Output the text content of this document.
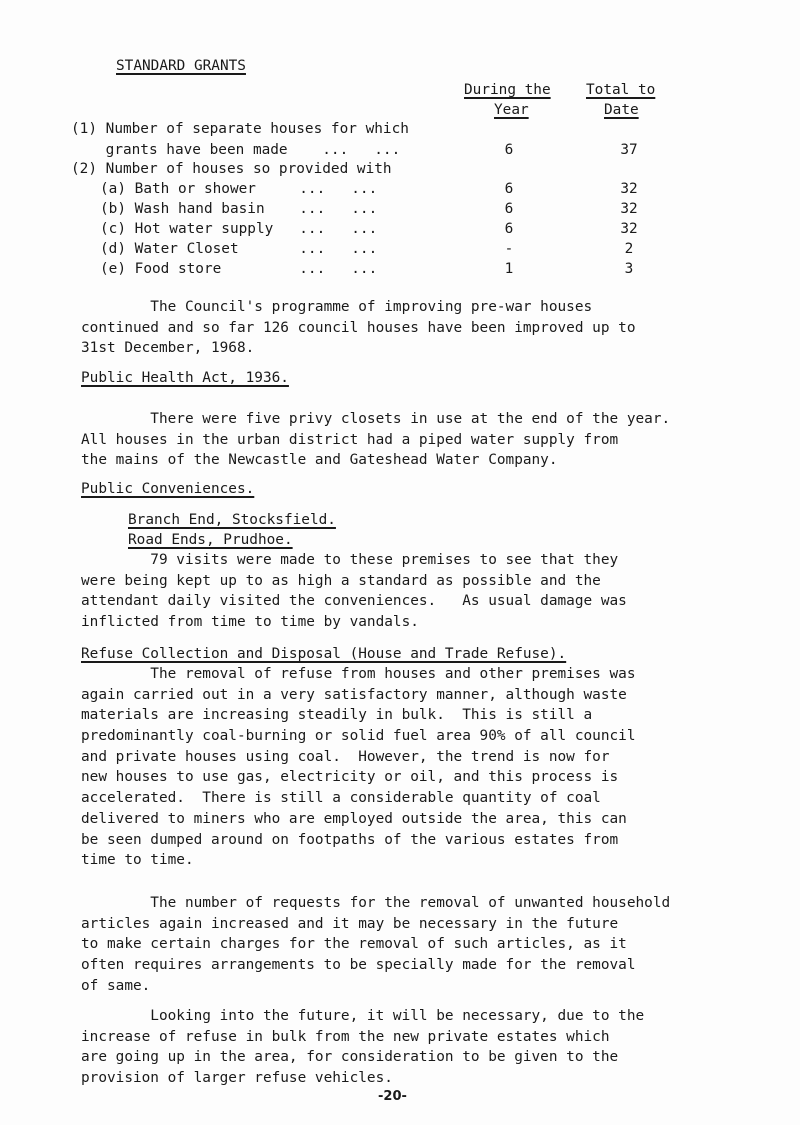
STANDARD GRANTS
During the Total to
Year	Date
(1) Number of separate houses for which
grants have been made    ...   ...	6	37
(2) Number of houses so provided with
(a) Bath or shower     ...   ...	6	32
(b) Wash hand basin    ...   ...	6	32
(c) Hot water supply   ...   ...	6	32
(d) Water Closet       ...   ...	-	2
(e) Food store         ...   ...	1	3
The Council's programme of improving pre-war houses
continued and so far 126 council houses have been improved up to
31st December, 1968.
Public Health Act, 1936.
There were five privy closets in use at the end of the year.
All houses in the urban district had a piped water supply from
the mains of the Newcastle and Gateshead Water Company.
Public Conveniences.
Branch End, Stocksfield.
Road Ends, Prudhoe.
79 visits were made to these premises to see that they
were being kept up to as high a standard as possible and the
attendant daily visited the conveniences.   As usual damage was
inflicted from time to time by vandals.
Refuse Collection and Disposal (House and Trade Refuse).
The removal of refuse from houses and other premises was
again carried out in a very satisfactory manner, although waste
materials are increasing steadily in bulk.  This is still a
predominantly coal-burning or solid fuel area 90% of all council
and private houses using coal.  However, the trend is now for
new houses to use gas, electricity or oil, and this process is
accelerated.  There is still a considerable quantity of coal
delivered to miners who are employed outside the area, this can
be seen dumped around on footpaths of the various estates from
time to time.
The number of requests for the removal of unwanted household
articles again increased and it may be necessary in the future
to make certain charges for the removal of such articles, as it
often requires arrangements to be specially made for the removal
of same.
Looking into the future, it will be necessary, due to the
increase of refuse in bulk from the new private estates which
are going up in the area, for consideration to be given to the
provision of larger refuse vehicles.
-20-
